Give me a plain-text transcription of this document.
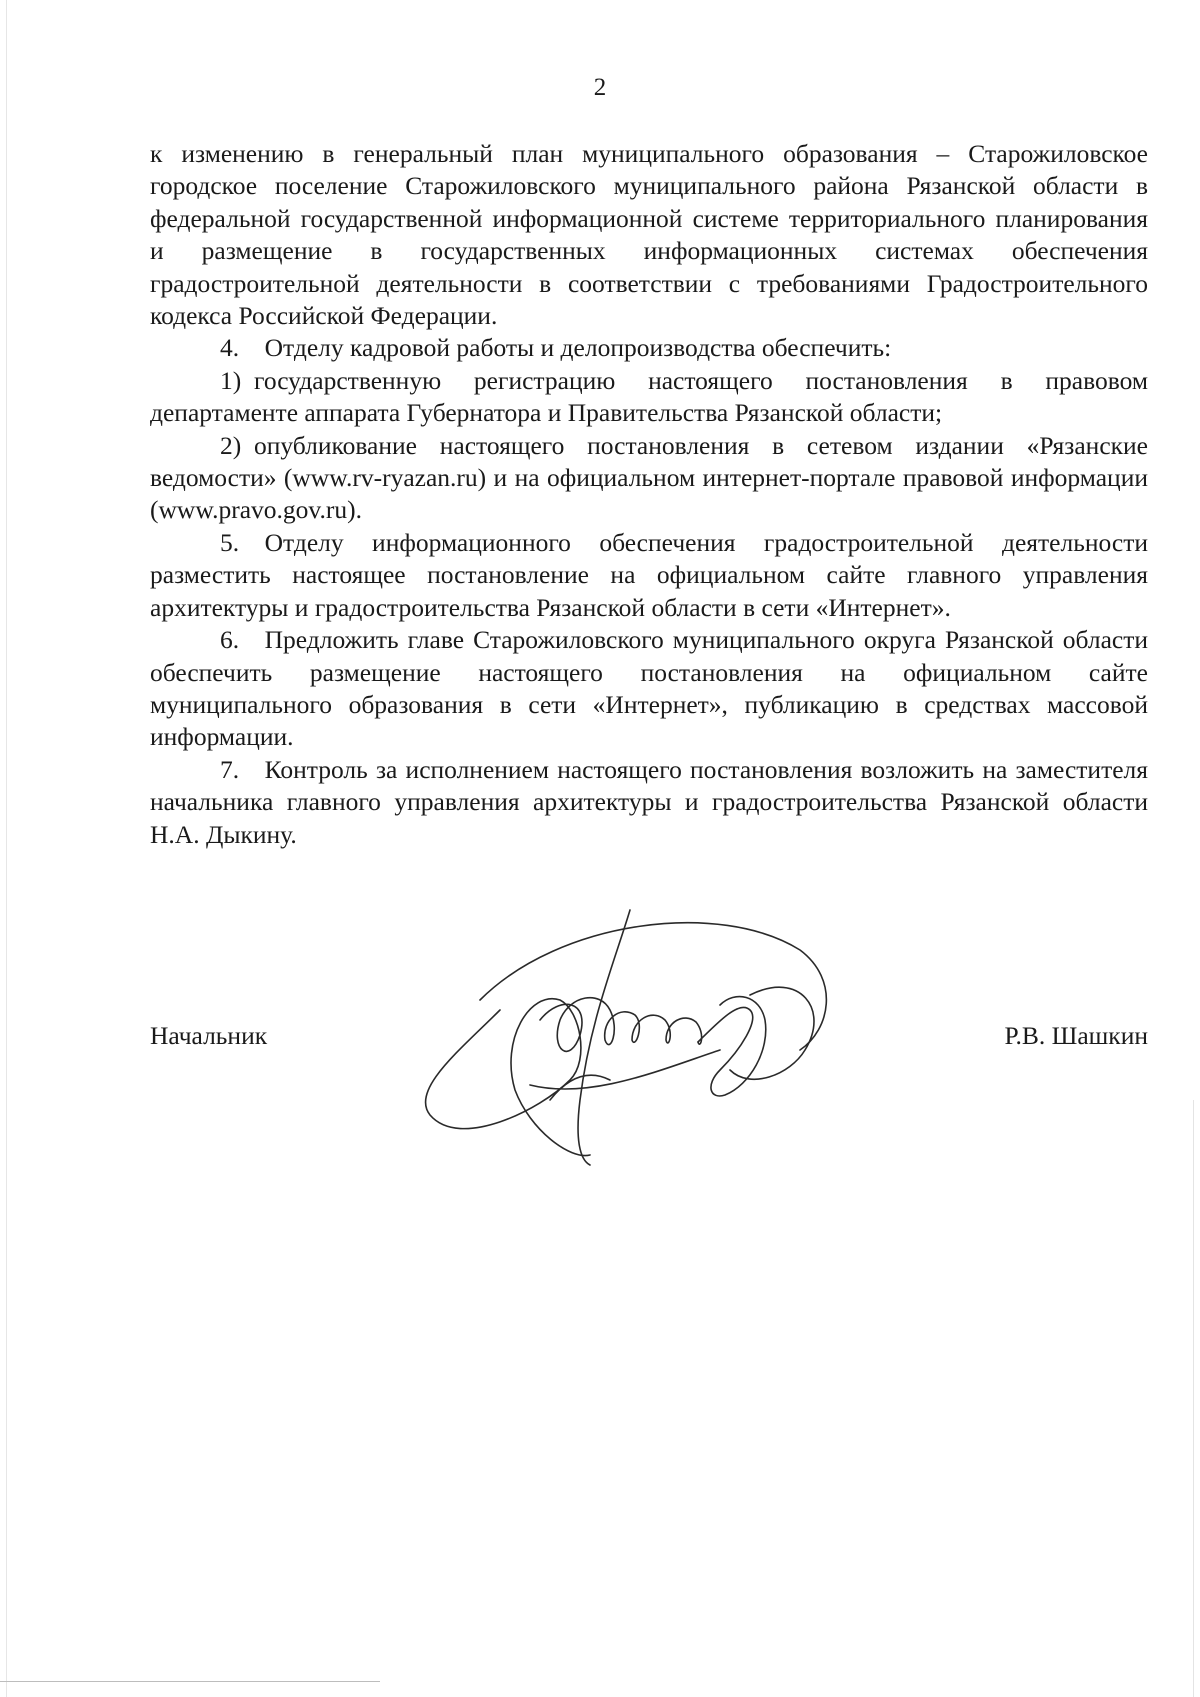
2

к изменению в генеральный план муниципального образования – Старожиловское городское поселение Старожиловского муниципального района Рязанской области в федеральной государственной информационной системе территориального планирования и размещение в государственных информационных системах обеспечения градостроительной деятельности в соответствии с требованиями Градостроительного кодекса Российской Федерации.

4. Отделу кадровой работы и делопроизводства обеспечить:

1) государственную регистрацию настоящего постановления в правовом департаменте аппарата Губернатора и Правительства Рязанской области;

2) опубликование настоящего постановления в сетевом издании «Рязанские ведомости» (www.rv-ryazan.ru) и на официальном интернет-портале правовой информации (www.pravo.gov.ru).

5. Отделу информационного обеспечения градостроительной деятельности разместить настоящее постановление на официальном сайте главного управления архитектуры и градостроительства Рязанской области в сети «Интернет».

6. Предложить главе Старожиловского муниципального округа Рязанской области обеспечить размещение настоящего постановления на официальном сайте муниципального образования в сети «Интернет», публикацию в средствах массовой информации.

7. Контроль за исполнением настоящего постановления возложить на заместителя начальника главного управления архитектуры и градостроительства Рязанской области Н.А. Дыкину.

Начальник	Р.В. Шашкин
